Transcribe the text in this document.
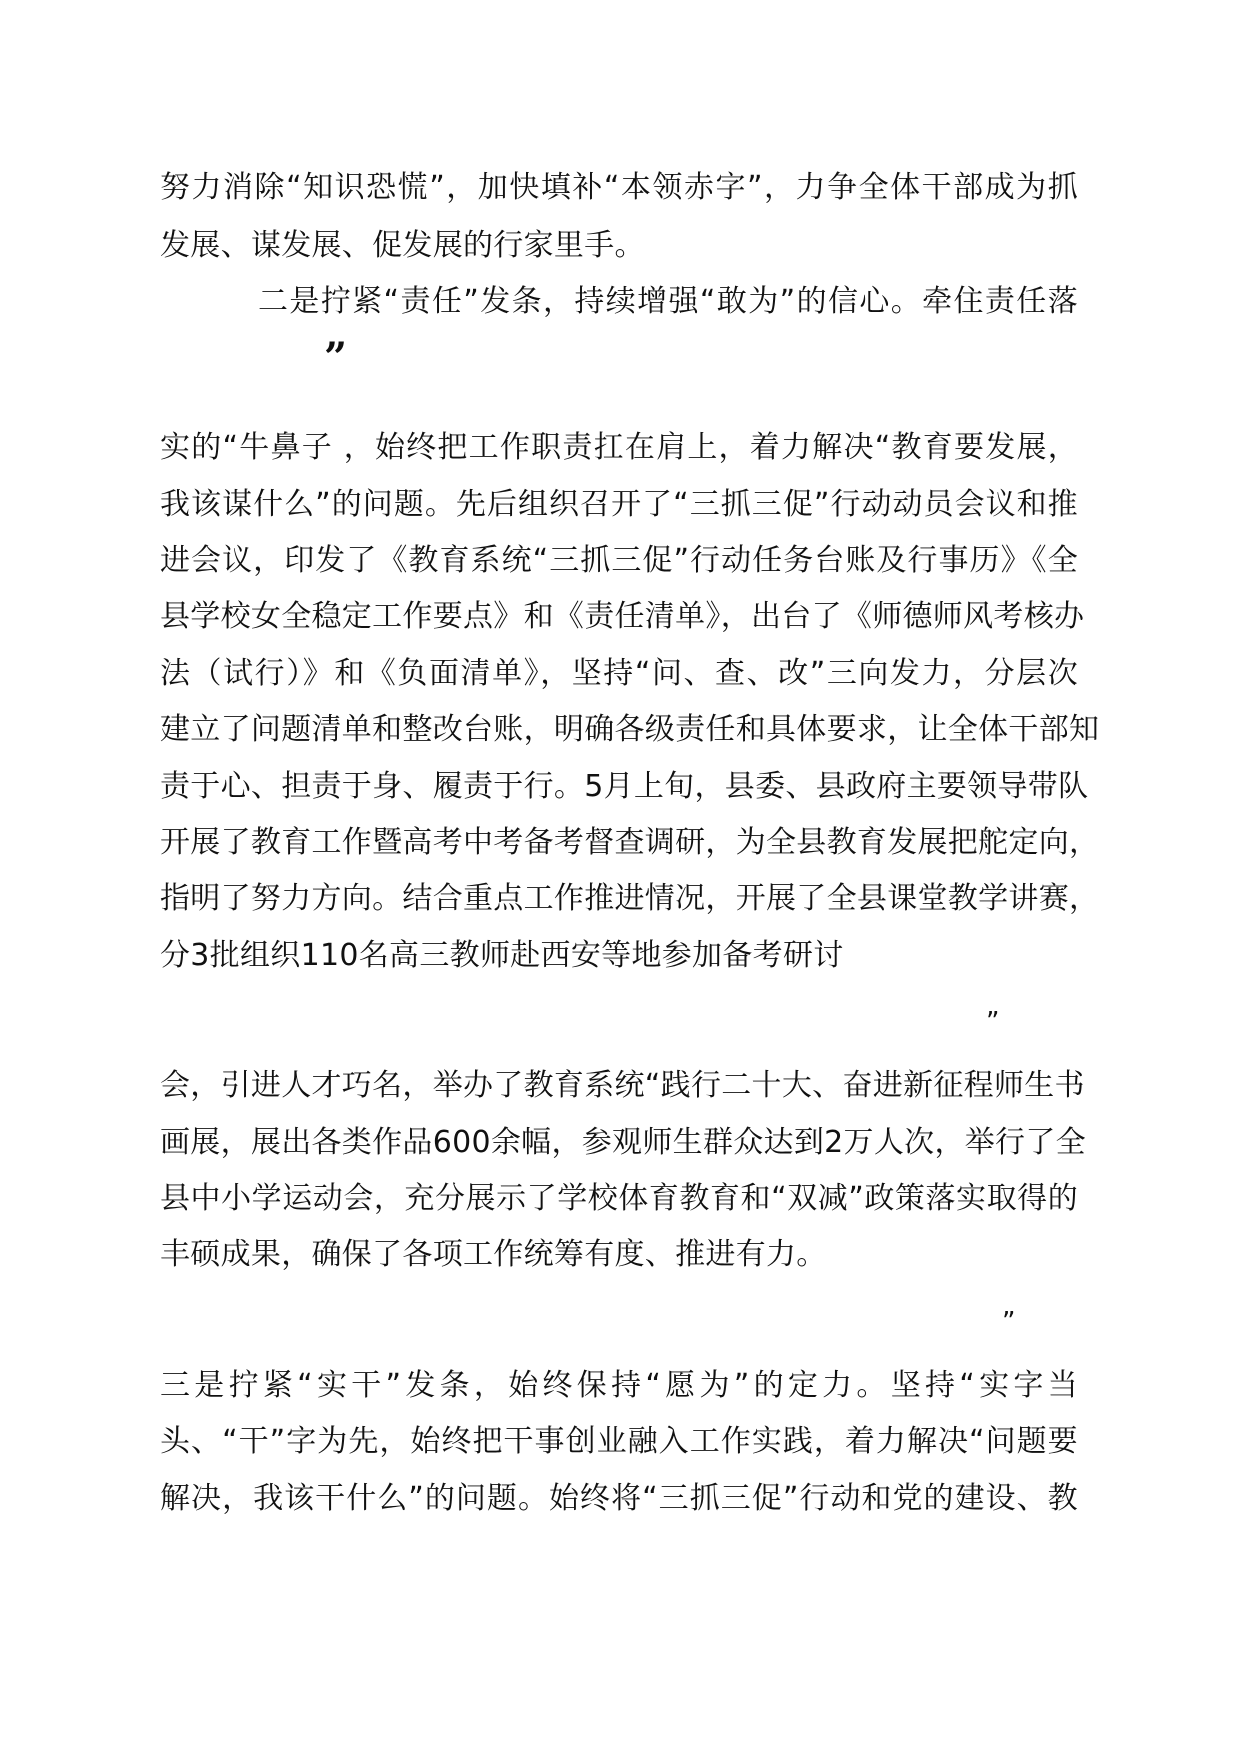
努力消除“知识恐慌”，加快填补“本领赤字”，力争全体干部成为抓

发展、谋发展、促发展的行家里手。

二是拧紧“责任”发条，持续增强“敢为”的信心。牵住责任落

”

实的“牛鼻子 ，始终把工作职责扛在肩上，着力解决“教育要发展，

我该谋什么”的问题。先后组织召开了“三抓三促”行动动员会议和推

进会议，印发了《教育系统“三抓三促”行动任务台账及行事历》《全

县学校女全稳定工作要点》和《责任清单》，出台了《师德师风考核办

法（试行）》和《负面清单》，坚持“问、查、改”三向发力，分层次

建立了问题清单和整改台账，明确各级责任和具体要求，让全体干部知

责于心、担责于身、履责于行。5月上旬，县委、县政府主要领导带队

开展了教育工作暨高考中考备考督查调研，为全县教育发展把舵定向，

指明了努力方向。结合重点工作推进情况，开展了全县课堂教学讲赛，

分3批组织110名高三教师赴西安等地参加备考研讨

”

会，引进人才巧名，举办了教育系统“践行二十大、奋进新征程师生书

画展，展出各类作品600余幅，参观师生群众达到2万人次，举行了全

县中小学运动会，充分展示了学校体育教育和“双减”政策落实取得的

丰硕成果，确保了各项工作统筹有度、推进有力。

”

三是拧紧“实干”发条，始终保持“愿为”的定力。坚持“实字当

头、“干”字为先，始终把干事创业融入工作实践，着力解决“问题要

解决，我该干什么”的问题。始终将“三抓三促”行动和党的建设、教
